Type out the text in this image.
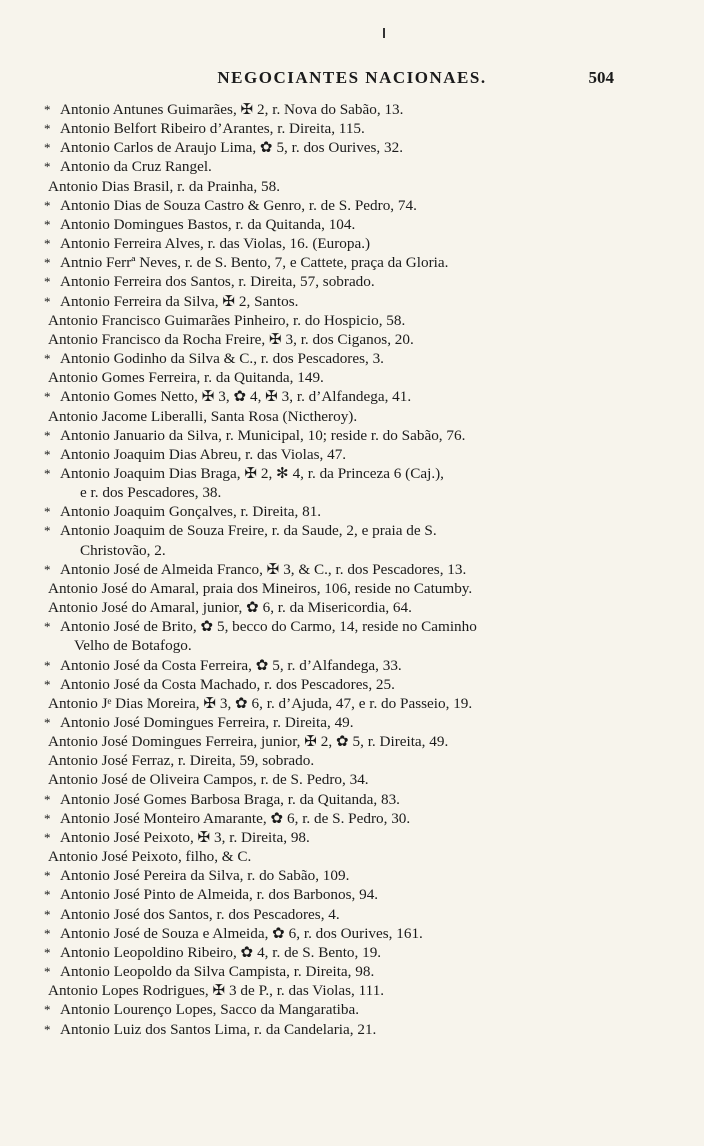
NEGOCIANTES NACIONAES.	504
* Antonio Antunes Guimarães, ✠ 2, r. Nova do Sabão, 13.
* Antonio Belfort Ribeiro d’Arantes, r. Direita, 115.
* Antonio Carlos de Araujo Lima, ✿ 5, r. dos Ourives, 32.
* Antonio da Cruz Rangel.
Antonio Dias Brasil, r. da Prainha, 58.
* Antonio Dias de Souza Castro & Genro, r. de S. Pedro, 74.
* Antonio Domingues Bastos, r. da Quitanda, 104.
* Antonio Ferreira Alves, r. das Violas, 16. (Europa.)
* Antnio Ferrª Neves, r. de S. Bento, 7, e Cattete, praça da Gloria.
* Antonio Ferreira dos Santos, r. Direita, 57, sobrado.
* Antonio Ferreira da Silva, ✠ 2, Santos.
Antonio Francisco Guimarães Pinheiro, r. do Hospicio, 58.
Antonio Francisco da Rocha Freire, ✠ 3, r. dos Ciganos, 20.
* Antonio Godinho da Silva & C., r. dos Pescadores, 3.
Antonio Gomes Ferreira, r. da Quitanda, 149.
* Antonio Gomes Netto, ✠ 3, ✿ 4, ✠ 3, r. d’Alfandega, 41.
Antonio Jacome Liberalli, Santa Rosa (Nictheroy).
* Antonio Januario da Silva, r. Municipal, 10; reside r. do Sabão, 76.
* Antonio Joaquim Dias Abreu, r. das Violas, 47.
* Antonio Joaquim Dias Braga, ✠ 2, ✻ 4, r. da Princeza 6 (Caj.),
e r. dos Pescadores, 38.
* Antonio Joaquim Gonçalves, r. Direita, 81.
* Antonio Joaquim de Souza Freire, r. da Saude, 2, e praia de S.
Christovão, 2.
* Antonio José de Almeida Franco, ✠ 3, & C., r. dos Pescadores, 13.
Antonio José do Amaral, praia dos Mineiros, 106, reside no Catumby.
Antonio José do Amaral, junior, ✿ 6, r. da Misericordia, 64.
* Antonio José de Brito, ✿ 5, becco do Carmo, 14, reside no Caminho
Velho de Botafogo.
* Antonio José da Costa Ferreira, ✿ 5, r. d’Alfandega, 33.
* Antonio José da Costa Machado, r. dos Pescadores, 25.
Antonio Jᵉ Dias Moreira, ✠ 3, ✿ 6, r. d’Ajuda, 47, e r. do Passeio, 19.
* Antonio José Domingues Ferreira, r. Direita, 49.
Antonio José Domingues Ferreira, junior, ✠ 2, ✿ 5, r. Direita, 49.
Antonio José Ferraz, r. Direita, 59, sobrado.
Antonio José de Oliveira Campos, r. de S. Pedro, 34.
* Antonio José Gomes Barbosa Braga, r. da Quitanda, 83.
* Antonio José Monteiro Amarante, ✿ 6, r. de S. Pedro, 30.
* Antonio José Peixoto, ✠ 3, r. Direita, 98.
Antonio José Peixoto, filho, & C.
* Antonio José Pereira da Silva, r. do Sabão, 109.
* Antonio José Pinto de Almeida, r. dos Barbonos, 94.
* Antonio José dos Santos, r. dos Pescadores, 4.
* Antonio José de Souza e Almeida, ✿ 6, r. dos Ourives, 161.
* Antonio Leopoldino Ribeiro, ✿ 4, r. de S. Bento, 19.
* Antonio Leopoldo da Silva Campista, r. Direita, 98.
Antonio Lopes Rodrigues, ✠ 3 de P., r. das Violas, 111.
* Antonio Lourenço Lopes, Sacco da Mangaratiba.
* Antonio Luiz dos Santos Lima, r. da Candelaria, 21.
